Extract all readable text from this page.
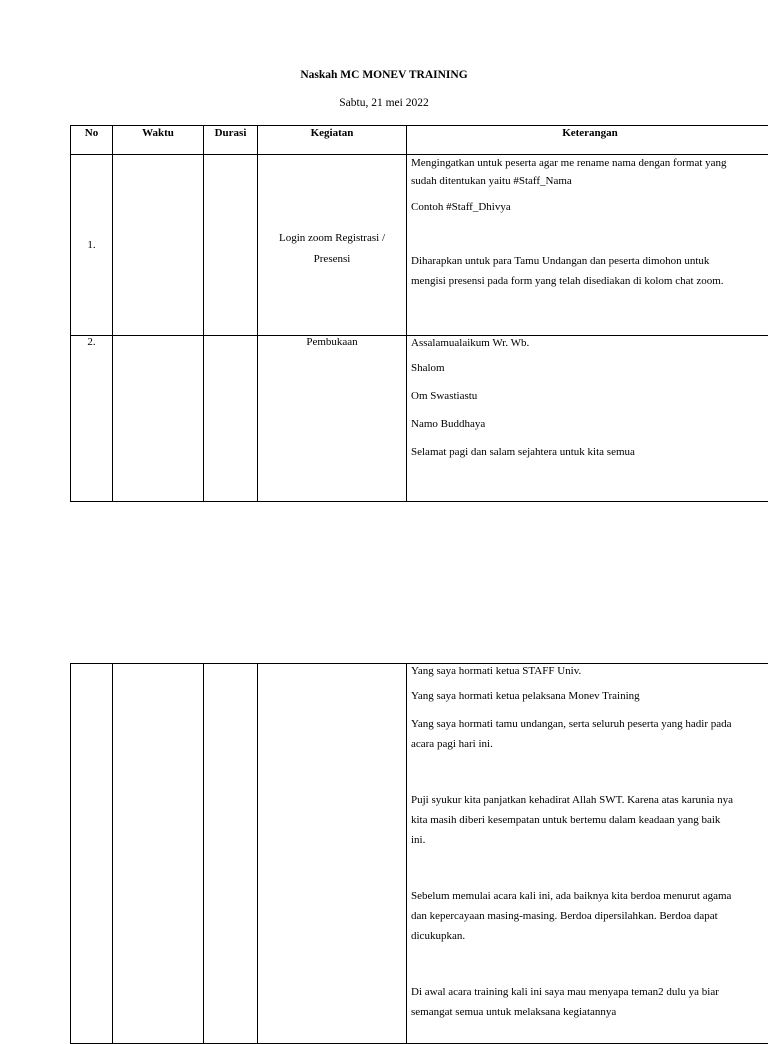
Naskah MC MONEV TRAINING
Sabtu, 21 mei 2022
No	Waktu	Durasi	Kegiatan	Keterangan
1.			Login zoom Registrasi /
Presensi	Mengingatkan untuk peserta agar me rename nama dengan format yang
sudah ditentukan yaitu #Staff_Nama
Contoh #Staff_Dhivya
Diharapkan untuk para Tamu Undangan dan peserta dimohon untuk
mengisi presensi pada form yang telah disediakan di kolom chat zoom.

2.			Pembukaan	Assalamualaikum Wr. Wb.
Shalom
Om Swastiastu
Namo Buddhaya
Selamat pagi dan salam sejahtera untuk kita semua

Yang saya hormati ketua STAFF Univ.
Yang saya hormati ketua pelaksana Monev Training
Yang saya hormati tamu undangan, serta seluruh peserta yang hadir pada
acara pagi hari ini.
Puji syukur kita panjatkan kehadirat Allah SWT. Karena atas karunia nya
kita masih diberi kesempatan untuk bertemu dalam keadaan yang baik
ini.
Sebelum memulai acara kali ini, ada baiknya kita berdoa menurut agama
dan kepercayaan masing-masing. Berdoa dipersilahkan. Berdoa dapat
dicukupkan.
Di awal acara training kali ini saya mau menyapa teman2 dulu ya biar
semangat semua untuk melaksana kegiatannya
